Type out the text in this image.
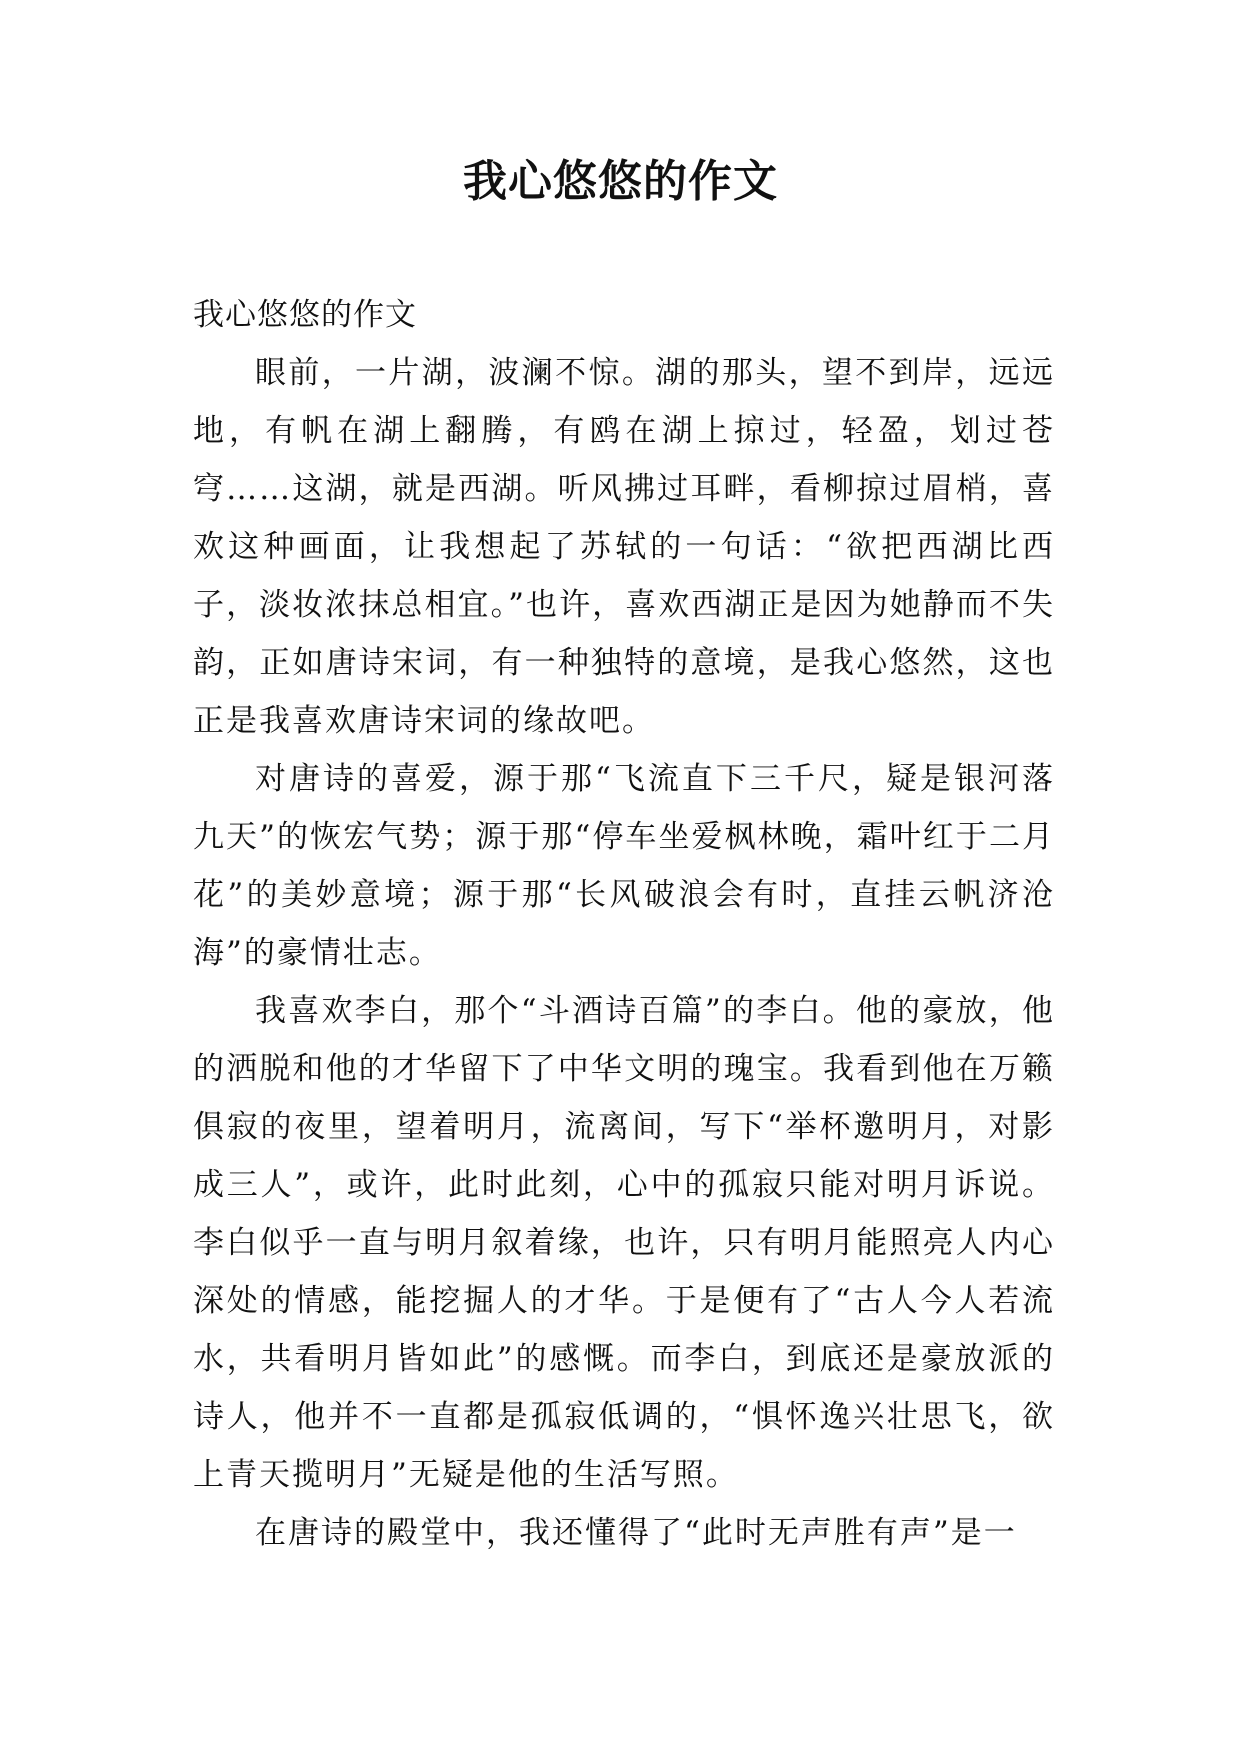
我心悠悠的作文

我心悠悠的作文

眼前，一片湖，波澜不惊。湖的那头，望不到岸，远远地，有帆在湖上翻腾，有鸥在湖上掠过，轻盈，划过苍穹……这湖，就是西湖。听风拂过耳畔，看柳掠过眉梢，喜欢这种画面，让我想起了苏轼的一句话：“欲把西湖比西子，淡妆浓抹总相宜。”也许，喜欢西湖正是因为她静而不失韵，正如唐诗宋词，有一种独特的意境，是我心悠然，这也正是我喜欢唐诗宋词的缘故吧。

对唐诗的喜爱，源于那“飞流直下三千尺，疑是银河落九天”的恢宏气势；源于那“停车坐爱枫林晚，霜叶红于二月花”的美妙意境；源于那“长风破浪会有时，直挂云帆济沧海”的豪情壮志。

我喜欢李白，那个“斗酒诗百篇”的李白。他的豪放，他的洒脱和他的才华留下了中华文明的瑰宝。我看到他在万籁俱寂的夜里，望着明月，流离间，写下“举杯邀明月，对影成三人”，或许，此时此刻，心中的孤寂只能对明月诉说。李白似乎一直与明月叙着缘，也许，只有明月能照亮人内心深处的情感，能挖掘人的才华。于是便有了“古人今人若流水，共看明月皆如此”的感慨。而李白，到底还是豪放派的诗人，他并不一直都是孤寂低调的，“惧怀逸兴壮思飞，欲上青天揽明月”无疑是他的生活写照。

在唐诗的殿堂中，我还懂得了“此时无声胜有声”是一
